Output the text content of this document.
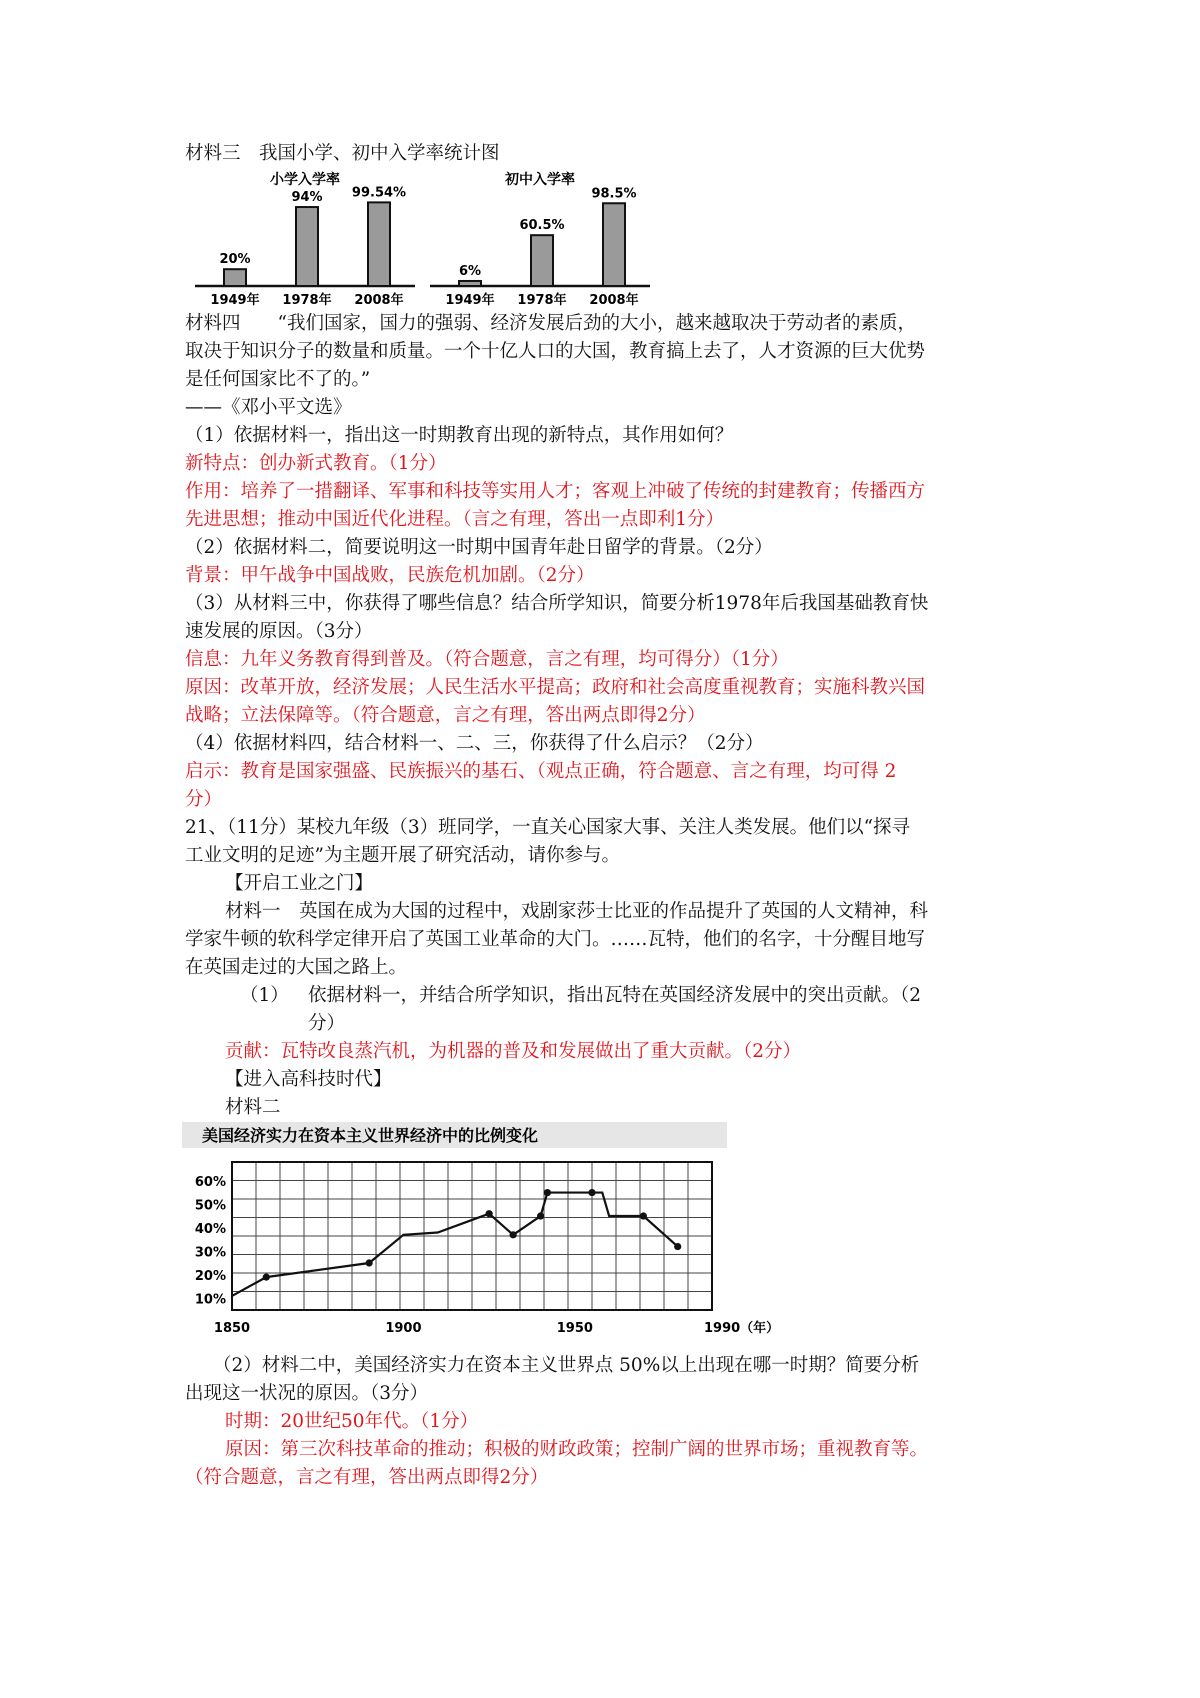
材料三　我国小学、初中入学率统计图
小学入学率
20%
1949年
94%
1978年
99.54%
2008年
初中入学率
6%
1949年
60.5%
1978年
98.5%
2008年
材料四　　“我们国家，国力的强弱、经济发展后劲的大小，越来越取决于劳动者的素质，
取决于知识分子的数量和质量。一个十亿人口的大国，教育搞上去了，人才资源的巨大优势
是任何国家比不了的。”
——《邓小平文选》
（1）依据材料一，指出这一时期教育出现的新特点，其作用如何？
新特点：创办新式教育。（1分）
作用：培养了一措翻译、军事和科技等实用人才；客观上冲破了传统的封建教育；传播西方
先进思想；推动中国近代化进程。（言之有理，答出一点即利1分）
（2）依据材料二，简要说明这一时期中国青年赴日留学的背景。（2分）
背景：甲午战争中国战败，民族危机加剧。（2分）
（3）从材料三中，你获得了哪些信息？结合所学知识，简要分析1978年后我国基础教育快
速发展的原因。（3分）
信息：九年义务教育得到普及。（符合题意，言之有理，均可得分）（1分）
原因：改革开放，经济发展；人民生活水平提高；政府和社会高度重视教育；实施科教兴国
战略；立法保障等。（符合题意，言之有理，答出两点即得2分）
（4）依据材料四，结合材料一、二、三，你获得了什么启示？（2分）
启示：教育是国家强盛、民族振兴的基石、（观点正确，符合题意、言之有理，均可得 2
分）
21、（11分）某校九年级（3）班同学，一直关心国家大事、关注人类发展。他们以“探寻
工业文明的足迹”为主题开展了研究活动，请你参与。
【开启工业之门】
材料一　英国在成为大国的过程中，戏剧家莎士比亚的作品提升了英国的人文精神，科
学家牛顿的软科学定律开启了英国工业革命的大门。……瓦特，他们的名字，十分醒目地写
在英国走过的大国之路上。
（1）	依据材料一，并结合所学知识，指出瓦特在英国经济发展中的突出贡献。（2
分）
贡献：瓦特改良蒸汽机，为机器的普及和发展做出了重大贡献。（2分）
【进入高科技时代】
材料二
美国经济实力在资本主义世界经济中的比例变化
60%
50%
40%
30%
20%
10%
1850	1900	1950	1990（年）
（2）材料二中，美国经济实力在资本主义世界点 50%以上出现在哪一时期？简要分析
出现这一状况的原因。（3分）
时期：20世纪50年代。（1分）
原因：第三次科技革命的推动；积极的财政政策；控制广阔的世界市场；重视教育等。
（符合题意，言之有理，答出两点即得2分）
